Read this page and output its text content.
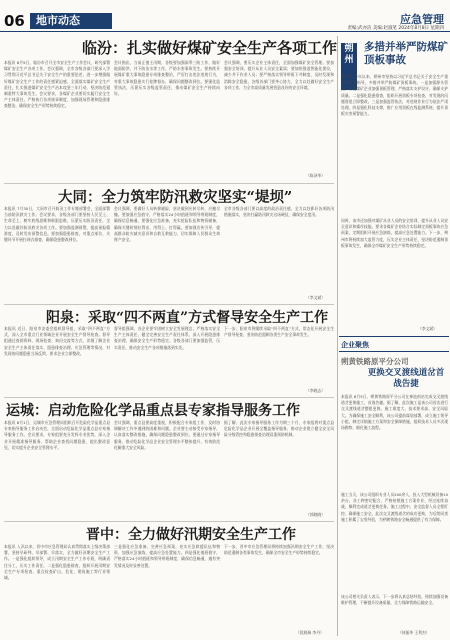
06	地市动态	应急管理
责编:武亦洁 美编:赵淑笔 2024年8月8日 星期四
临汾：扎实做好煤矿安全生产各项工作
本报讯 8月5日，临汾市召开全市安全生产工作会议，研究部署煤矿安全生产各项工作。会议强调，全市各级各部门要深入学习贯彻习近平总书记关于安全生产的重要论述，进一步增强做好煤矿安全生产工作的责任感紧迫感，全面落实煤矿安全生产责任，扎实推进煤矿安全生产治本攻坚三年行动，坚决防范遏制重特大事故发生。会议要求，各煤矿企业要切实履行安全生产主体责任，严格执行各项规章制度，加强现场管理和隐患排查整治，确保安全生产形势持续稳定。
会议指出，当前正值主汛期，各级要加强雨季三防工作，做好地面防洪、井下防治水等工作，严防水害事故发生。要持续开展煤矿重大事故隐患专项排查整治，严厉打击违法违规行为，对重大事故隐患实行挂牌督办，确保问题整改到位。要强化监管执法，压紧压实各级监管责任，推动煤矿安全生产持续向好。
会议强调，要压实企业主体责任，全面加强煤矿安全管理。要加强安全培训，提升从业人员安全素质；要加快推进智能化建设，减少井下作业人员；要严格落实领导带班下井制度，及时发现和消除安全隐患。各级各部门要齐心协力，全力以赴做好安全生产各项工作，为全市高质量发展营造良好的安全环境。
（陈泽华）
大同：全力筑牢防汛救灾坚实“堤坝”
本报讯 7月30日，大同市召开防汛工作专题部署会，全面部署当前防汛救灾工作。会议要求，各级各部门要坚持人民至上、生命至上，树牢底线思维和极限思维，压紧压实防汛责任，全力以赴做好防汛救灾各项工作。要加强监测预警，提高预报精准度，及时发布预警信息。要加强隐患排查，对重点部位、关键环节开展拉网式排查，确保隐患整改到位。
会议强调，要做好人员转移避险，坚决做到应转尽转、应撤尽撤。要加强应急值守，严格落实24小时值班和领导带班制度，确保信息畅通。要强化应急准备，充实抢险队伍和物资储备，确保关键时刻拉得出、用得上、打得赢。要加强宣传引导，提高群众防灾减灾意识和自救互救能力，切实保障人民群众生命财产安全。
全市各级各部门要以高度的政治责任感，全力以赴抓好各项防汛措施落实，坚决打赢防汛救灾这场硬仗，确保安全度汛。
（李文斌）
阳泉：采取“四不两直”方式督导安全生产工作
本报讯 近日，阳泉市安委会组织督导组，采取“四不两直”方式，深入全市重点行业领域企业开展安全生产督导检查。督导组通过查阅资料、现场检查、询问交流等方式，详细了解企业安全生产主体责任落实、隐患排查治理、应急管理等情况，对发现的问题隐患当场反馈，要求企业立即整改。
督导组强调，各企业要牢固树立安全发展理念，严格落实安全生产主体责任，健全完善安全生产责任体系，深入开展隐患排查治理，确保安全生产形势稳定。各级各部门要加强监管，压实责任，推动安全生产各项措施落到实处。
下一步，阳泉市将继续采取“四不两直”方式，常态化开展安全生产督导检查，坚决防范遏制各类生产安全事故发生。
（李晓志）
运城：启动危险化学品重点县专家指导服务工作
本报讯 8月1日，运城市应急管理局组织召开危险化学品重点县专家指导服务工作启动会，全面启动危险化学品重点县专家指导服务工作。会议要求，专家组要充分发挥专业优势，深入企业开展精准指导服务，帮助企业查找问题隐患，提出整改意见，切实提升企业安全管理水平。
会议强调，重点县要高度重视，积极配合专家组工作，及时协调解决工作中遇到的困难和问题。企业要主动接受专家指导，认真落实整改措施，确保问题隐患整改到位。要通过专家指导服务，推动危险化学品企业安全管理水平整体提升，有效防范化解重大安全风险。
据了解，此次专家指导服务工作为期三个月，专家组将对重点县危险化学品企业开展全覆盖指导服务，推动企业建立健全安全风险分级管控和隐患排查治理双重预防机制。
（郭晓晓）
晋中：全力做好汛期安全生产工作
本报讯 入汛以来，晋中市应急管理局认真贯彻落实上级决策部署，坚持早研判、早部署、早落实，全力做好汛期安全生产工作。一是强化组织领导，成立汛期安全生产工作专班，明确责任分工，压实工作责任。二是强化隐患排查，组织开展汛期安全生产专项检查，重点检查矿山、危化、建筑施工等行业领域。
三是强化应急准备，完善应急预案，充实应急救援队伍和物资，加强应急演练，提高应急处置能力。四是强化值班值守，严格落实24小时值班和领导带班制度，确保信息畅通，遇有突发情况及时妥善处置。
下一步，晋中市应急管理局将持续加强汛期安全生产工作，坚决防范遏制各类事故发生，确保全市安全生产形势持续稳定。
（段晓瑞 李丹）
朔州
多措并举严防煤矿顶板事故
本报讯 今年以来，朔州市坚持以习近平总书记关于安全生产重要论述为指导，多措并举严防煤矿顶板事故。一是加强源头管控，督促煤矿企业加强顶板管理，严格落实支护设计，确保支护质量。二是强化隐患排查，组织开展顶板专项检查，对发现的问题督促立即整改。三是加强监管执法，对违规作业行为依法严肃处理。四是强化科技支撑，推广应用顶板在线监测系统，提升顶板灾害预警能力。
同时，该市还加强对煤矿从业人员的安全培训，提升从业人员安全意识和操作技能。要求各煤矿企业结合实际制定顶板事故应急预案，定期组织开展应急演练，提高应急处置能力。下一步，朔州市将持续加大监管力度，压实企业主体责任，坚决防范遏制顶板事故发生，确保全市煤矿安全生产形势持续稳定。
（李文斌）
企业聚焦
朔黄铁路原平分公司
更换交叉渡线道岔首战告捷
本报讯 8月5日，朔黄铁路原平分公司在神池南站完成交叉渡线道岔更换施工，首战告捷。据了解，此次施工是该公司首次进行交叉渡线道岔整组更换，施工难度大、技术要求高、安全风险大。为确保施工安全顺利，该公司提前谋划部署，成立施工领导小组，制定详细施工方案和安全保障措施，组织技术人员多次现场勘察，细化施工流程。
施工当天，该公司组织专业人员200余人，投入大型机械设备10余台，各工种密切配合，严格按照施工方案作业，经过连续奋战，顺利完成道岔更换任务。施工过程中，安全监督人员全程盯控，确保施工安全。此次交叉渡线道岔的成功更换，为后续同类施工积累了宝贵经验，为朔黄铁路安全畅通提供了有力保障。
该公司相关负责人表示，下一步将认真总结经验，持续加强设备维护管理，不断提升设备质量，全力保障铁路运输安全。
（何振华 王利杰）
